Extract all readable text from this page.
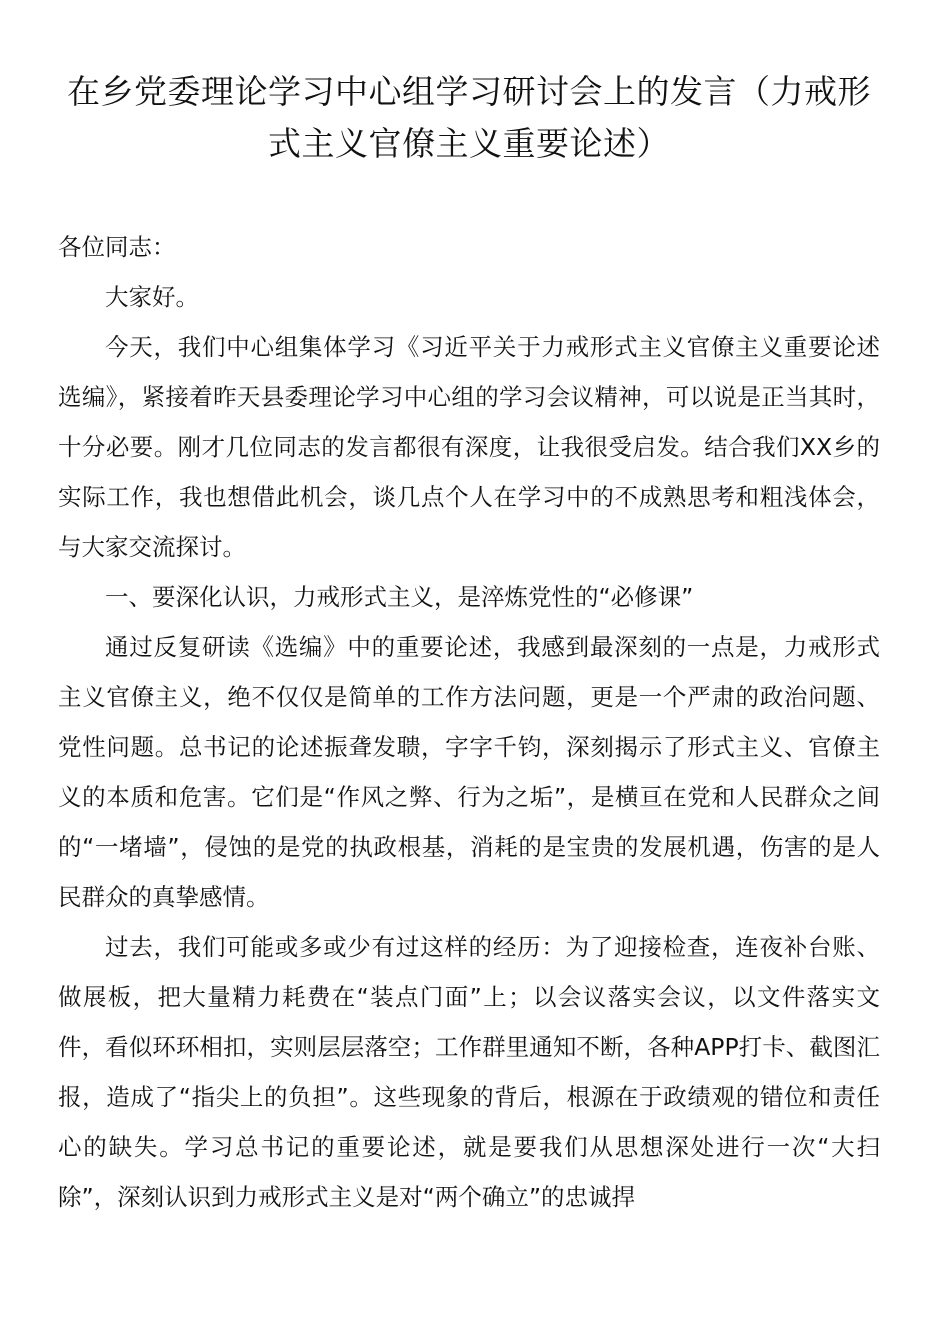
在乡党委理论学习中心组学习研讨会上的发言（力戒形式主义官僚主义重要论述）

各位同志：

大家好。

今天，我们中心组集体学习《习近平关于力戒形式主义官僚主义重要论述选编》，紧接着昨天县委理论学习中心组的学习会议精神，可以说是正当其时，十分必要。刚才几位同志的发言都很有深度，让我很受启发。结合我们XX乡的实际工作，我也想借此机会，谈几点个人在学习中的不成熟思考和粗浅体会，与大家交流探讨。

一、要深化认识，力戒形式主义，是淬炼党性的“必修课”

通过反复研读《选编》中的重要论述，我感到最深刻的一点是，力戒形式主义官僚主义，绝不仅仅是简单的工作方法问题，更是一个严肃的政治问题、党性问题。总书记的论述振聋发聩，字字千钧，深刻揭示了形式主义、官僚主义的本质和危害。它们是“作风之弊、行为之垢”，是横亘在党和人民群众之间的“一堵墙”，侵蚀的是党的执政根基，消耗的是宝贵的发展机遇，伤害的是人民群众的真挚感情。

过去，我们可能或多或少有过这样的经历：为了迎接检查，连夜补台账、做展板，把大量精力耗费在“装点门面”上；以会议落实会议，以文件落实文件，看似环环相扣，实则层层落空；工作群里通知不断，各种APP打卡、截图汇报，造成了“指尖上的负担”。这些现象的背后，根源在于政绩观的错位和责任心的缺失。学习总书记的重要论述，就是要我们从思想深处进行一次“大扫除”，深刻认识到力戒形式主义是对“两个确立”的忠诚捍
